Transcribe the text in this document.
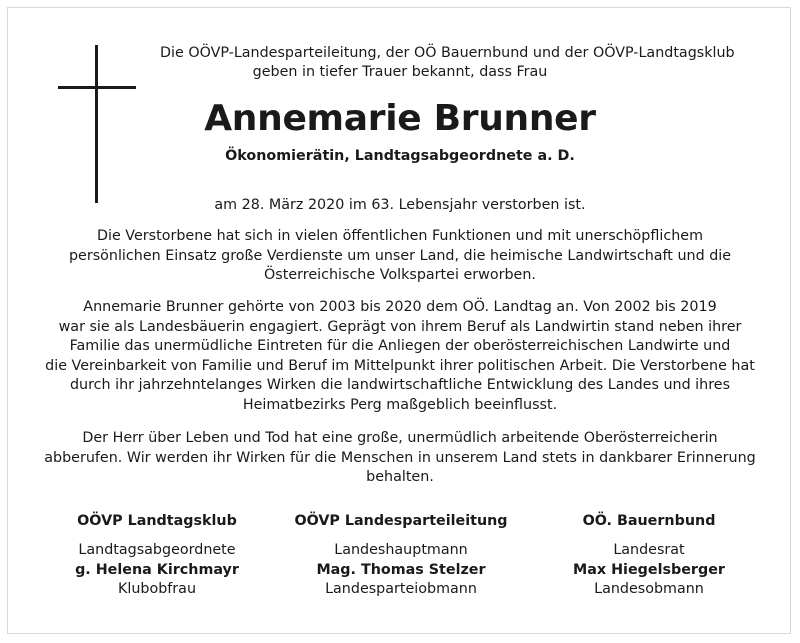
Die OÖVP-Landesparteileitung, der OÖ Bauernbund und der OÖVP-Landtagsklub
geben in tiefer Trauer bekannt, dass Frau
Annemarie Brunner
Ökonomierätin, Landtagsabgeordnete a. D.
am 28. März 2020 im 63. Lebensjahr verstorben ist.
Die Verstorbene hat sich in vielen öffentlichen Funktionen und mit unerschöpflichem
persönlichen Einsatz große Verdienste um unser Land, die heimische Landwirtschaft und die
Österreichische Volkspartei erworben.
Annemarie Brunner gehörte von 2003 bis 2020 dem OÖ. Landtag an. Von 2002 bis 2019
war sie als Landesbäuerin engagiert. Geprägt von ihrem Beruf als Landwirtin stand neben ihrer
Familie das unermüdliche Eintreten für die Anliegen der oberösterreichischen Landwirte und
die Vereinbarkeit von Familie und Beruf im Mittelpunkt ihrer politischen Arbeit. Die Verstorbene hat
durch ihr jahrzehntelanges Wirken die landwirtschaftliche Entwicklung des Landes und ihres
Heimatbezirks Perg maßgeblich beeinflusst.
Der Herr über Leben und Tod hat eine große, unermüdlich arbeitende Oberösterreicherin
abberufen. Wir werden ihr Wirken für die Menschen in unserem Land stets in dankbarer Erinnerung
behalten.
OÖVP Landtagsklub
Landtagsabgeordnete
g. Helena Kirchmayr
Klubobfrau
OÖVP Landesparteileitung
Landeshauptmann
Mag. Thomas Stelzer
Landesparteiobmann
OÖ. Bauernbund
Landesrat
Max Hiegelsberger
Landesobmann
